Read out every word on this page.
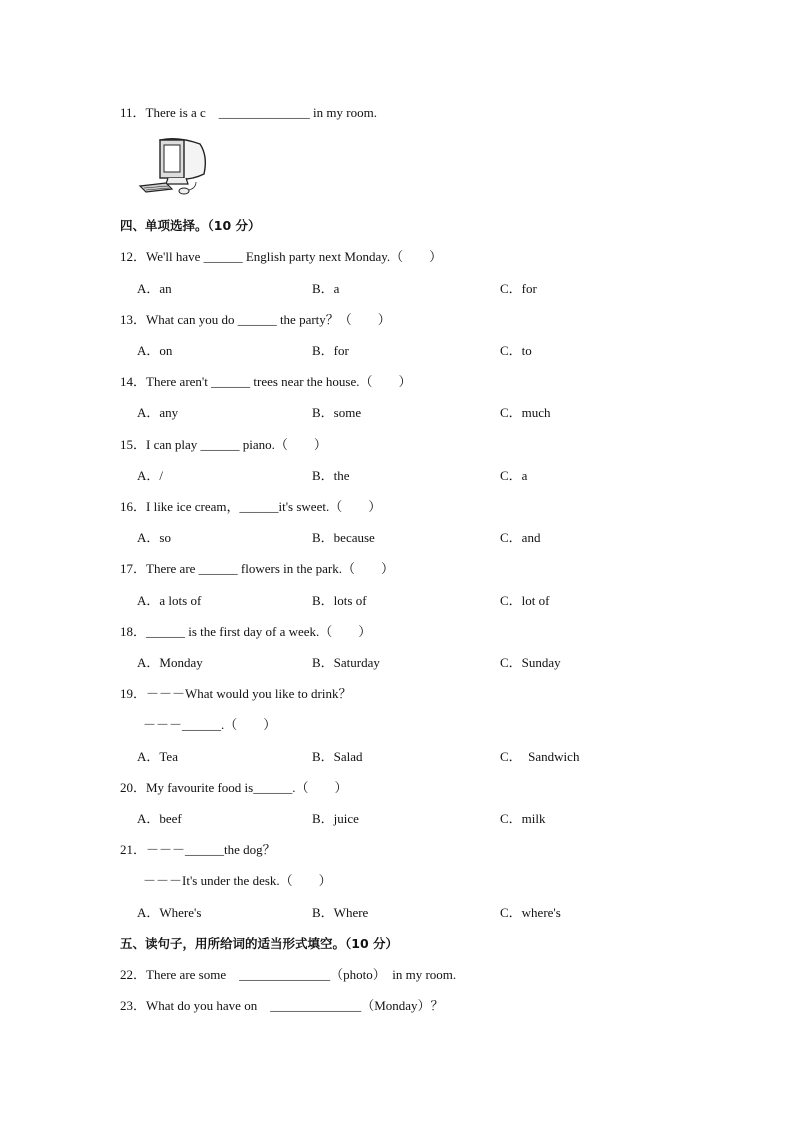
11．There is a c    ______________ in my room.
四、单项选择。（10 分）
12．We'll have ______ English party next Monday.（        ）
A．an	B．a	C．for
13．What can you do ______ the party？（        ）
A．on	B．for	C．to
14．There aren't ______ trees near the house.（        ）
A．any	B．some	C．much
15．I can play ______ piano.（        ）
A．/	B．the	C．a
16．I like ice cream，______it's sweet.（        ）
A．so	B．because	C．and
17．There are ______ flowers in the park.（        ）
A．a lots of	B．lots of	C．lot of
18．______ is the first day of a week.（        ）
A．Monday	B．Saturday	C．Sunday
19．－－－What would you like to drink？
－－－______.（        ）
A．Tea	B．Salad	C．  Sandwich
20．My favourite food is______.（        ）
A．beef	B．juice	C．milk
21．－－－______the dog？
－－－It's under the desk.（        ）
A．Where's	B．Where	C．where's
五、读句子，用所给词的适当形式填空。（10 分）
22．There are some    ______________（photo）  in my room.
23．What do you have on    ______________（Monday）？
